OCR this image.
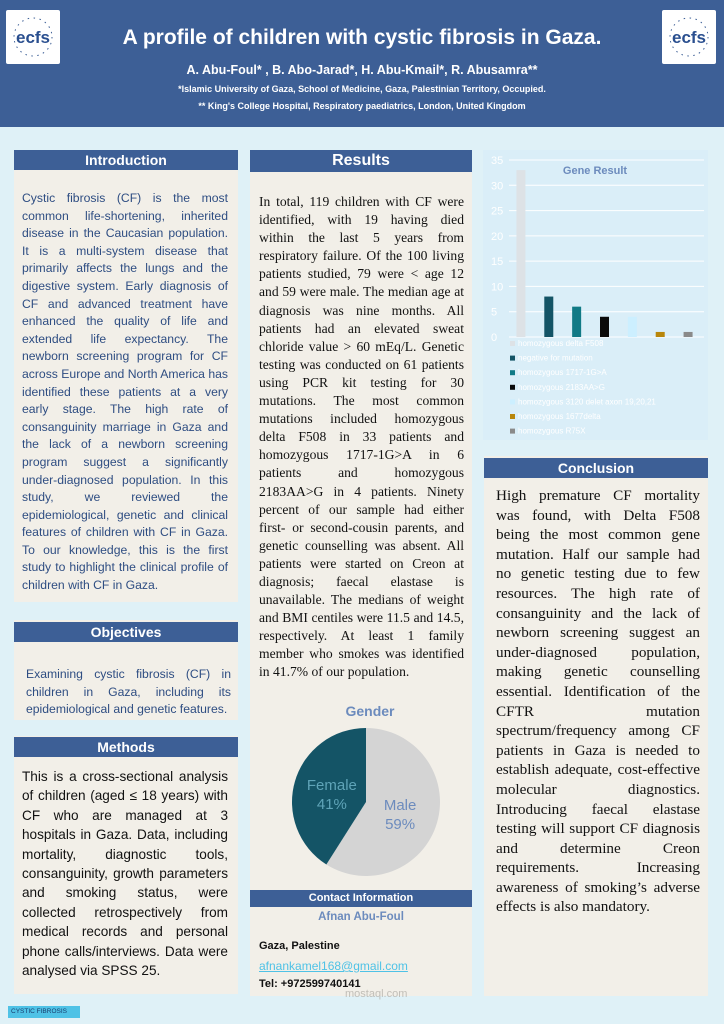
ecfs	A profile of children with cystic fibrosis in Gaza.
A. Abu-Foul* , B. Abo-Jarad*, H. Abu-Kmail*, R. Abusamra**
*Islamic University of Gaza, School of Medicine, Gaza, Palestinian Territory, Occupied.
** King's College Hospital, Respiratory paediatrics, London, United Kingdom
ecfs
Introduction
Cystic fibrosis (CF) is the most common life-shortening, inherited disease in the Caucasian population. It is a multi-system disease that primarily affects the lungs and the digestive system. Early diagnosis of CF and advanced treatment have enhanced the quality of life and extended life expectancy. The newborn screening program for CF across Europe and North America has identified these patients at a very early stage. The high rate of consanguinity marriage in Gaza and the lack of a newborn screening program suggest a significantly under-diagnosed population. In this study, we reviewed the epidemiological, genetic and clinical features of children with CF in Gaza. To our knowledge, this is the first study to highlight the clinical profile of children with CF in Gaza.
Objectives
Examining cystic fibrosis (CF) in children in Gaza, including its epidemiological and genetic features.
Methods
This is a cross-sectional analysis of children (aged ≤ 18 years) with CF who are managed at 3 hospitals in Gaza. Data, including mortality, diagnostic tools, consanguinity, growth parameters and smoking status, were collected retrospectively from medical records and personal phone calls/interviews. Data were analysed via SPSS 25.
Results
In total, 119 children with CF were identified, with 19 having died within the last 5 years from respiratory failure. Of the 100 living patients studied, 79 were < age 12 and 59 were male. The median age at diagnosis was nine months. All patients had an elevated sweat chloride value > 60 mEq/L. Genetic testing was conducted on 61 patients using PCR kit testing for 30 mutations. The most common mutations included homozygous delta F508 in 33 patients and homozygous 1717-1G>A in 6 patients and homozygous 2183AA>G in 4 patients. Ninety percent of our sample had either first- or second-cousin parents, and genetic counselling was absent. All patients were started on Creon at diagnosis; faecal elastase is unavailable. The medians of weight and BMI centiles were 11.5 and 14.5, respectively. At least 1 family member who smokes was identified in 41.7% of our population.
Gender
Male
59%
Female
41%
Contact Information
Afnan Abu-Foul
Gaza, Palestine
afnankamel168@gmail.com
Tel: +972599740141
mostaql.com
0
5
10
15
20
25
30
35
Gene Result
homozygous delta F508
negative for mutation
homozygous 1717-1G>A
homozygous 2183AA>G
homozygous 3120 delet axon 19,20,21
homozygous 1677delta
homozygous R75X
Conclusion
High premature CF mortality was found, with Delta F508 being the most common gene mutation. Half our sample had no genetic testing due to few resources. The high rate of consanguinity and the lack of newborn screening suggest an under-diagnosed population, making genetic counselling essential. Identification of the CFTR mutation spectrum/frequency among CF patients in Gaza is needed to establish adequate, cost-effective molecular diagnostics. Introducing faecal elastase testing will support CF diagnosis and determine Creon requirements. Increasing awareness of smoking’s adverse effects is also mandatory.
CYSTIC FIBROSIS
